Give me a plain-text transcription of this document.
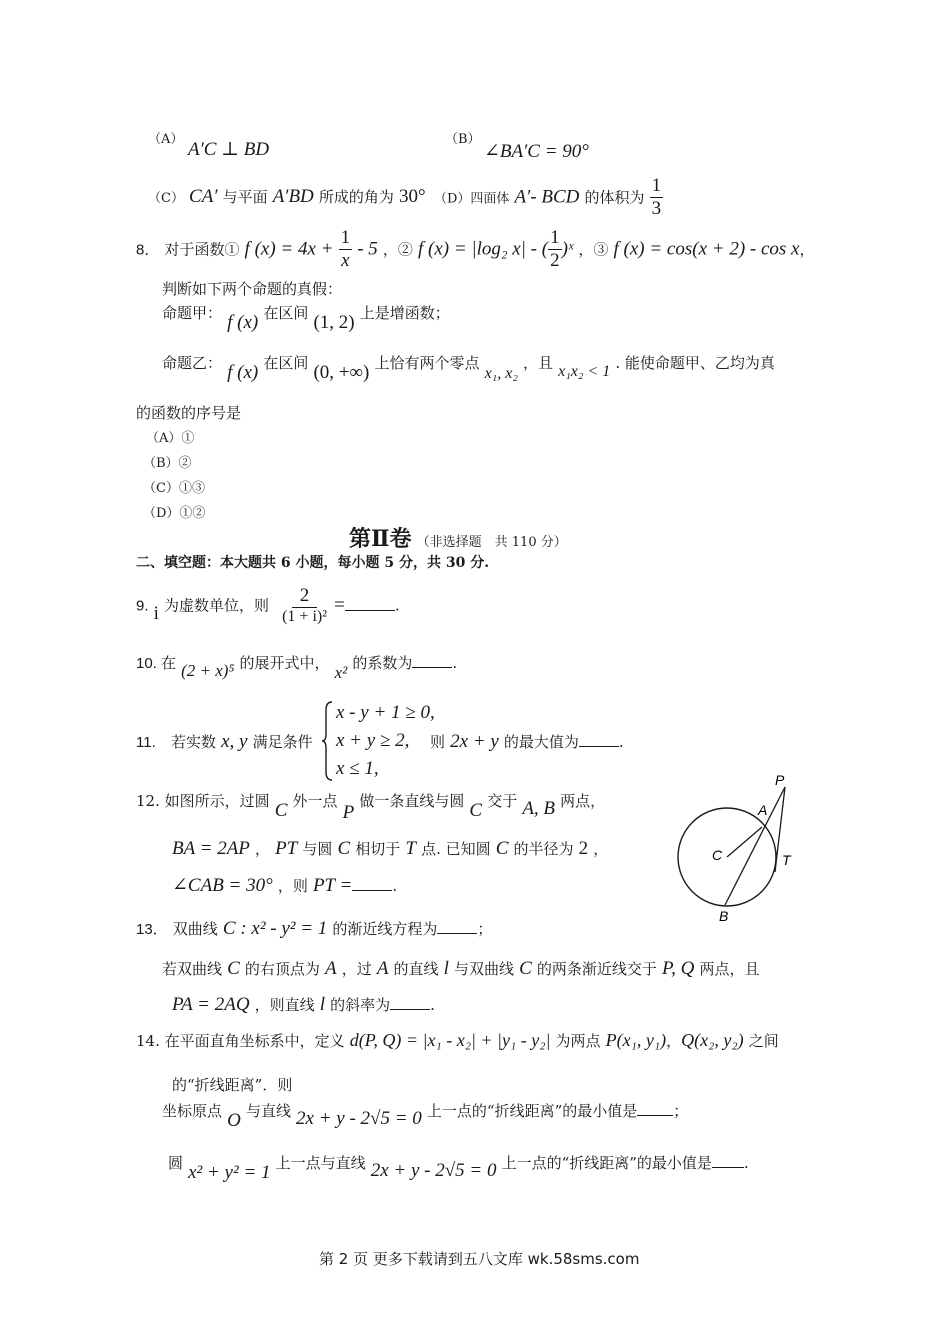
（A） A′C ⊥ BD	（B）
∠BA′C = 90°
（C） CA′ 与平面 A′BD 所成的角为 30° （D）四面体 A′- BCD 的体积为 $\frac{1}{3}$
8． 对于函数① f $(x) = 4x + \frac{1}{x} - 5$ ，② f (x) = |log₂ x| - ( $\frac{1}{2}$ )ˣ ，③ f (x) = cos(x + 2) - cos x，
判断如下两个命题的真假：
命题甲： f (x) 在区间 (1, 2) 上是增函数；
命题乙： f (x) 在区间 (0, +∞) 上恰有两个零点 x₁, x₂ ，且 x₁x₂ < 1 . 能使命题甲、乙均为真
的函数的序号是
（A）①
（B）②
（C）①③
（D）①②
第Ⅱ卷 （非选择题　共 110 分）
二、填空题：本大题共 6 小题，每小题 5 分，共 30 分.
9. i 为虚数单位，则 $\frac{2}{\text{(1 + i)²}}$ =	.
10. 在 (2 + x)⁵ 的展开式中， x² 的系数为	.
11. 若实数 x, y 满足条件
x - y + 1 ≥ 0,
x + y ≥ 2,
x ≤ 1,
则 2x + y 的最大值为	.
12. 如图所示，过圆 C 外一点 P 做一条直线与圆 C 交于 A, B 两点，
BA = 2AP ， PT 与圆 C 相切于 T 点. 已知圆 C 的半径为 2 ，
∠CAB = 30° ，则 PT =	.
P
A
C	T
B
13． 双曲线 C : x² - y² = 1 的渐近线方程为	；
若双曲线 C 的右顶点为 A ，过 A 的直线 l 与双曲线 C 的两条渐近线交于 P, Q 两点，且
PA = 2AQ ，则直线 l 的斜率为	.
14. 在平面直角坐标系中，定义 d(P, Q) = |x₁ - x₂| + |y₁ - y₂| 为两点 P(x₁, y₁)，Q(x₂, y₂) 之间
的“折线距离”．则
坐标原点 O 与直线 2x + y - 2√5 = 0 上一点的“折线距离”的最小值是 ；
圆 x² + y² = 1 上一点与直线 2x + y - 2√5 = 0 上一点的“折线距离”的最小值是 .
第 2 页 更多下载请到五八文库 wk.58sms.com
